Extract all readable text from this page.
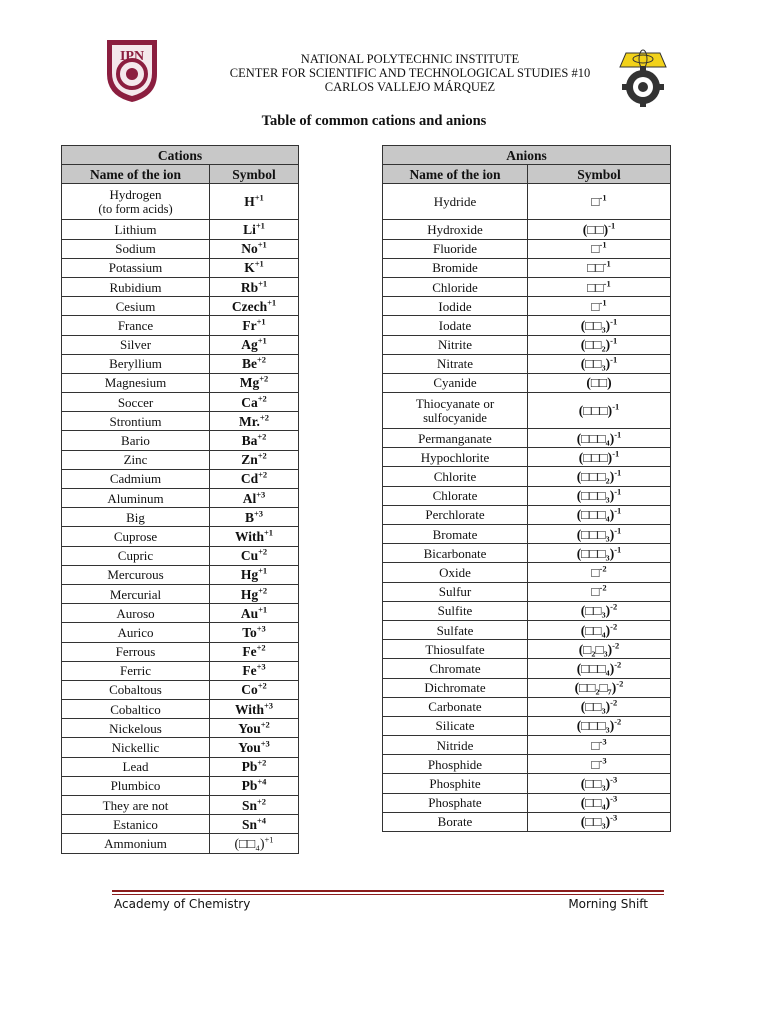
IPN	NATIONAL POLYTECHNIC INSTITUTE
CENTER FOR SCIENTIFIC AND TECHNOLOGICAL STUDIES #10
CARLOS VALLEJO MÁRQUEZ
Table of common cations and anions
Cations	
Name of the ion	Symbol
Hydrogen
(to form acids)	$H^{+1}$
Lithium	$Li^{+1}$
Sodium	$No^{+1}$
Potassium	$K^{+1}$
Rubidium	$Rb^{+1}$
Cesium	Czech$^{+1}$
France	$Fr^{+1}$
Silver	$Ag^{+1}$
Beryllium	$Be^{+2}$
Magnesium	$Mg^{+2}$
Soccer	$Ca^{+2}$
Strontium	Mr.$^{+2}$
Bario	$Ba^{+2}$
Zinc	$Zn^{+2}$
Cadmium	$Cd^{+2}$
Aluminum	$Al^{+3}$
Big	$B^{+3}$
Cuprose	With$^{+1}$
Cupric	$Cu^{+2}$
Mercurous	$Hg^{+1}$
Mercurial	$Hg^{+2}$
Auroso	$Au^{+1}$
Aurico	$To^{+3}$
Ferrous	$Fe^{+2}$
Ferric	$Fe^{+3}$
Cobaltous	$Co^{+2}$
Cobaltico	With$^{+3}$
Nickelous	You$^{+2}$
Nickellic	You$^{+3}$
Lead	$Pb^{+2}$
Plumbico	$Pb^{+4}$
They are not	$Sn^{+2}$
Estanico	$Sn^{+4}$
Ammonium	(□□₄)$^{+1}$
Anions	
Name of the ion	Symbol
Hydride	□$^{-1}$
Hydroxide	(□□)$^{-1}$
Fluoride	□$^{-1}$
Bromide	□□$^{-1}$
Chloride	□□$^{-1}$
Iodide	□$^{-1}$
Iodate	(□□₃)$^{-1}$
Nitrite	(□□₂)$^{-1}$
Nitrate	(□□₃)$^{-1}$
Cyanide	(□□)
Thiocyanate or
sulfocyanide	(□□□)$^{-1}$
Permanganate	(□□□₄)$^{-1}$
Hypochlorite	(□□□)$^{-1}$
Chlorite	(□□□₂)$^{-1}$
Chlorate	(□□□₃)$^{-1}$
Perchlorate	(□□□₄)$^{-1}$
Bromate	(□□□₃)$^{-1}$
Bicarbonate	(□□□₃)$^{-1}$
Oxide	□$^{-2}$
Sulfur	□$^{-2}$
Sulfite	(□□₃)$^{-2}$
Sulfate	(□□₄)$^{-2}$
Thiosulfate	(□₂□₃)$^{-2}$
Chromate	(□□□₄)$^{-2}$
Dichromate	(□□₂□₇)$^{-2}$
Carbonate	(□□₃)$^{-2}$
Silicate	(□□□₃)$^{-2}$
Nitride	□$^{-3}$
Phosphide	□$^{-3}$
Phosphite	(□□₃)$^{-3}$
Phosphate	(□□₄)$^{-3}$
Borate	(□□₃)$^{-3}$
Academy of Chemistry	Morning Shift
